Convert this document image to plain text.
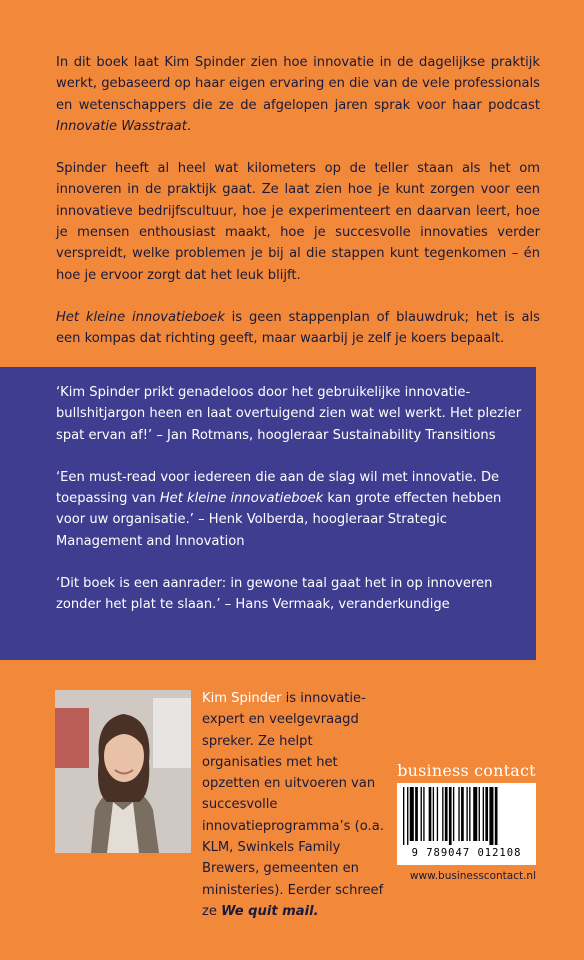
In dit boek laat Kim Spinder zien hoe innovatie in de dagelijkse praktijk werkt, gebaseerd op haar eigen ervaring en die van de vele professionals en wetenschappers die ze de afgelopen jaren sprak voor haar podcast Innovatie Wasstraat.

Spinder heeft al heel wat kilometers op de teller staan als het om innoveren in de praktijk gaat. Ze laat zien hoe je kunt zorgen voor een innovatieve bedrijfscultuur, hoe je experimenteert en daarvan leert, hoe je mensen enthousiast maakt, hoe je succesvolle innovaties verder verspreidt, welke problemen je bij al die stappen kunt tegenkomen – én hoe je ervoor zorgt dat het leuk blijft.

Het kleine innovatieboek is geen stappenplan of blauwdruk; het is als een kompas dat richting geeft, maar waarbij je zelf je koers bepaalt.

‘Kim Spinder prikt genadeloos door het gebruikelijke innovatie-bullshitjargon heen en laat overtuigend zien wat wel werkt. Het plezier spat ervan af!’ – Jan Rotmans, hoogleraar Sustainability Transitions

‘Een must-read voor iedereen die aan de slag wil met innovatie. De toepassing van Het kleine innovatieboek kan grote effecten hebben voor uw organisatie.’ – Henk Volberda, hoogleraar Strategic Management and Innovation

‘Dit boek is een aanrader: in gewone taal gaat het in op innoveren zonder het plat te slaan.’ – Hans Vermaak, veranderkundige

Kim Spinder is innovatie-expert en veelgevraagd spreker. Ze helpt organisaties met het opzetten en uitvoeren van succesvolle innovatieprogramma’s (o.a. KLM, Swinkels Family Brewers, gemeenten en ministeries). Eerder schreef ze We quit mail.
business contact
9 789047 012108
www.businesscontact.nl
